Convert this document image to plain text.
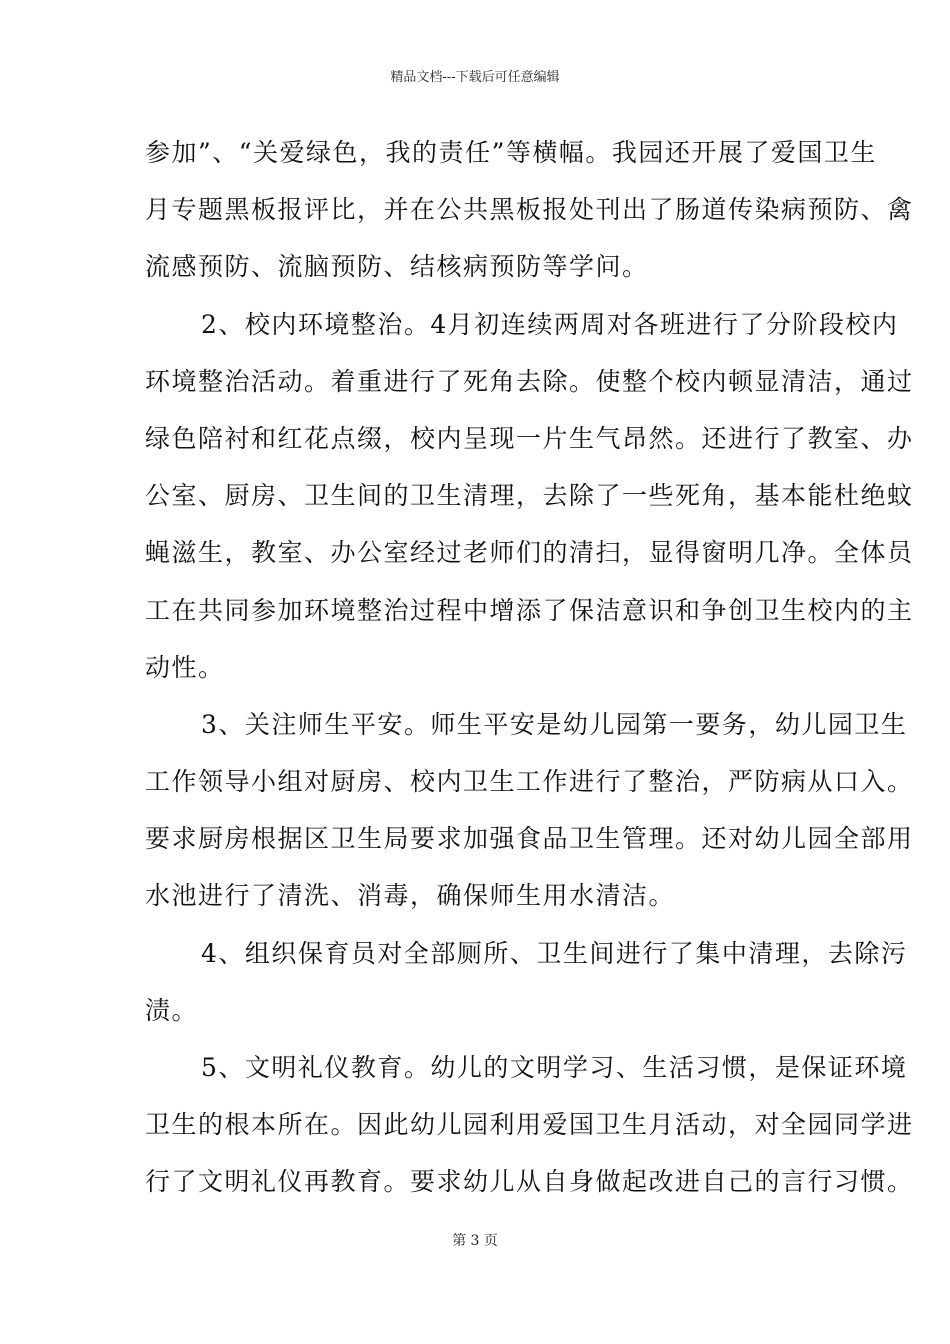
精品文档---下载后可任意编辑
参加”、“关爱绿色，我的责任”等横幅。我园还开展了爱国卫生
月专题黑板报评比，并在公共黑板报处刊出了肠道传染病预防、禽
流感预防、流脑预防、结核病预防等学问。
2、校内环境整治。4月初连续两周对各班进行了分阶段校内
环境整治活动。着重进行了死角去除。使整个校内顿显清洁，通过
绿色陪衬和红花点缀，校内呈现一片生气昂然。还进行了教室、办
公室、厨房、卫生间的卫生清理，去除了一些死角，基本能杜绝蚊
蝇滋生，教室、办公室经过老师们的清扫，显得窗明几净。全体员
工在共同参加环境整治过程中增添了保洁意识和争创卫生校内的主
动性。
3、关注师生平安。师生平安是幼儿园第一要务，幼儿园卫生
工作领导小组对厨房、校内卫生工作进行了整治，严防病从口入。
要求厨房根据区卫生局要求加强食品卫生管理。还对幼儿园全部用
水池进行了清洗、消毒，确保师生用水清洁。
4、组织保育员对全部厕所、卫生间进行了集中清理，去除污
渍。
5、文明礼仪教育。幼儿的文明学习、生活习惯，是保证环境
卫生的根本所在。因此幼儿园利用爱国卫生月活动，对全园同学进
行了文明礼仪再教育。要求幼儿从自身做起改进自己的言行习惯。
第 3 页
